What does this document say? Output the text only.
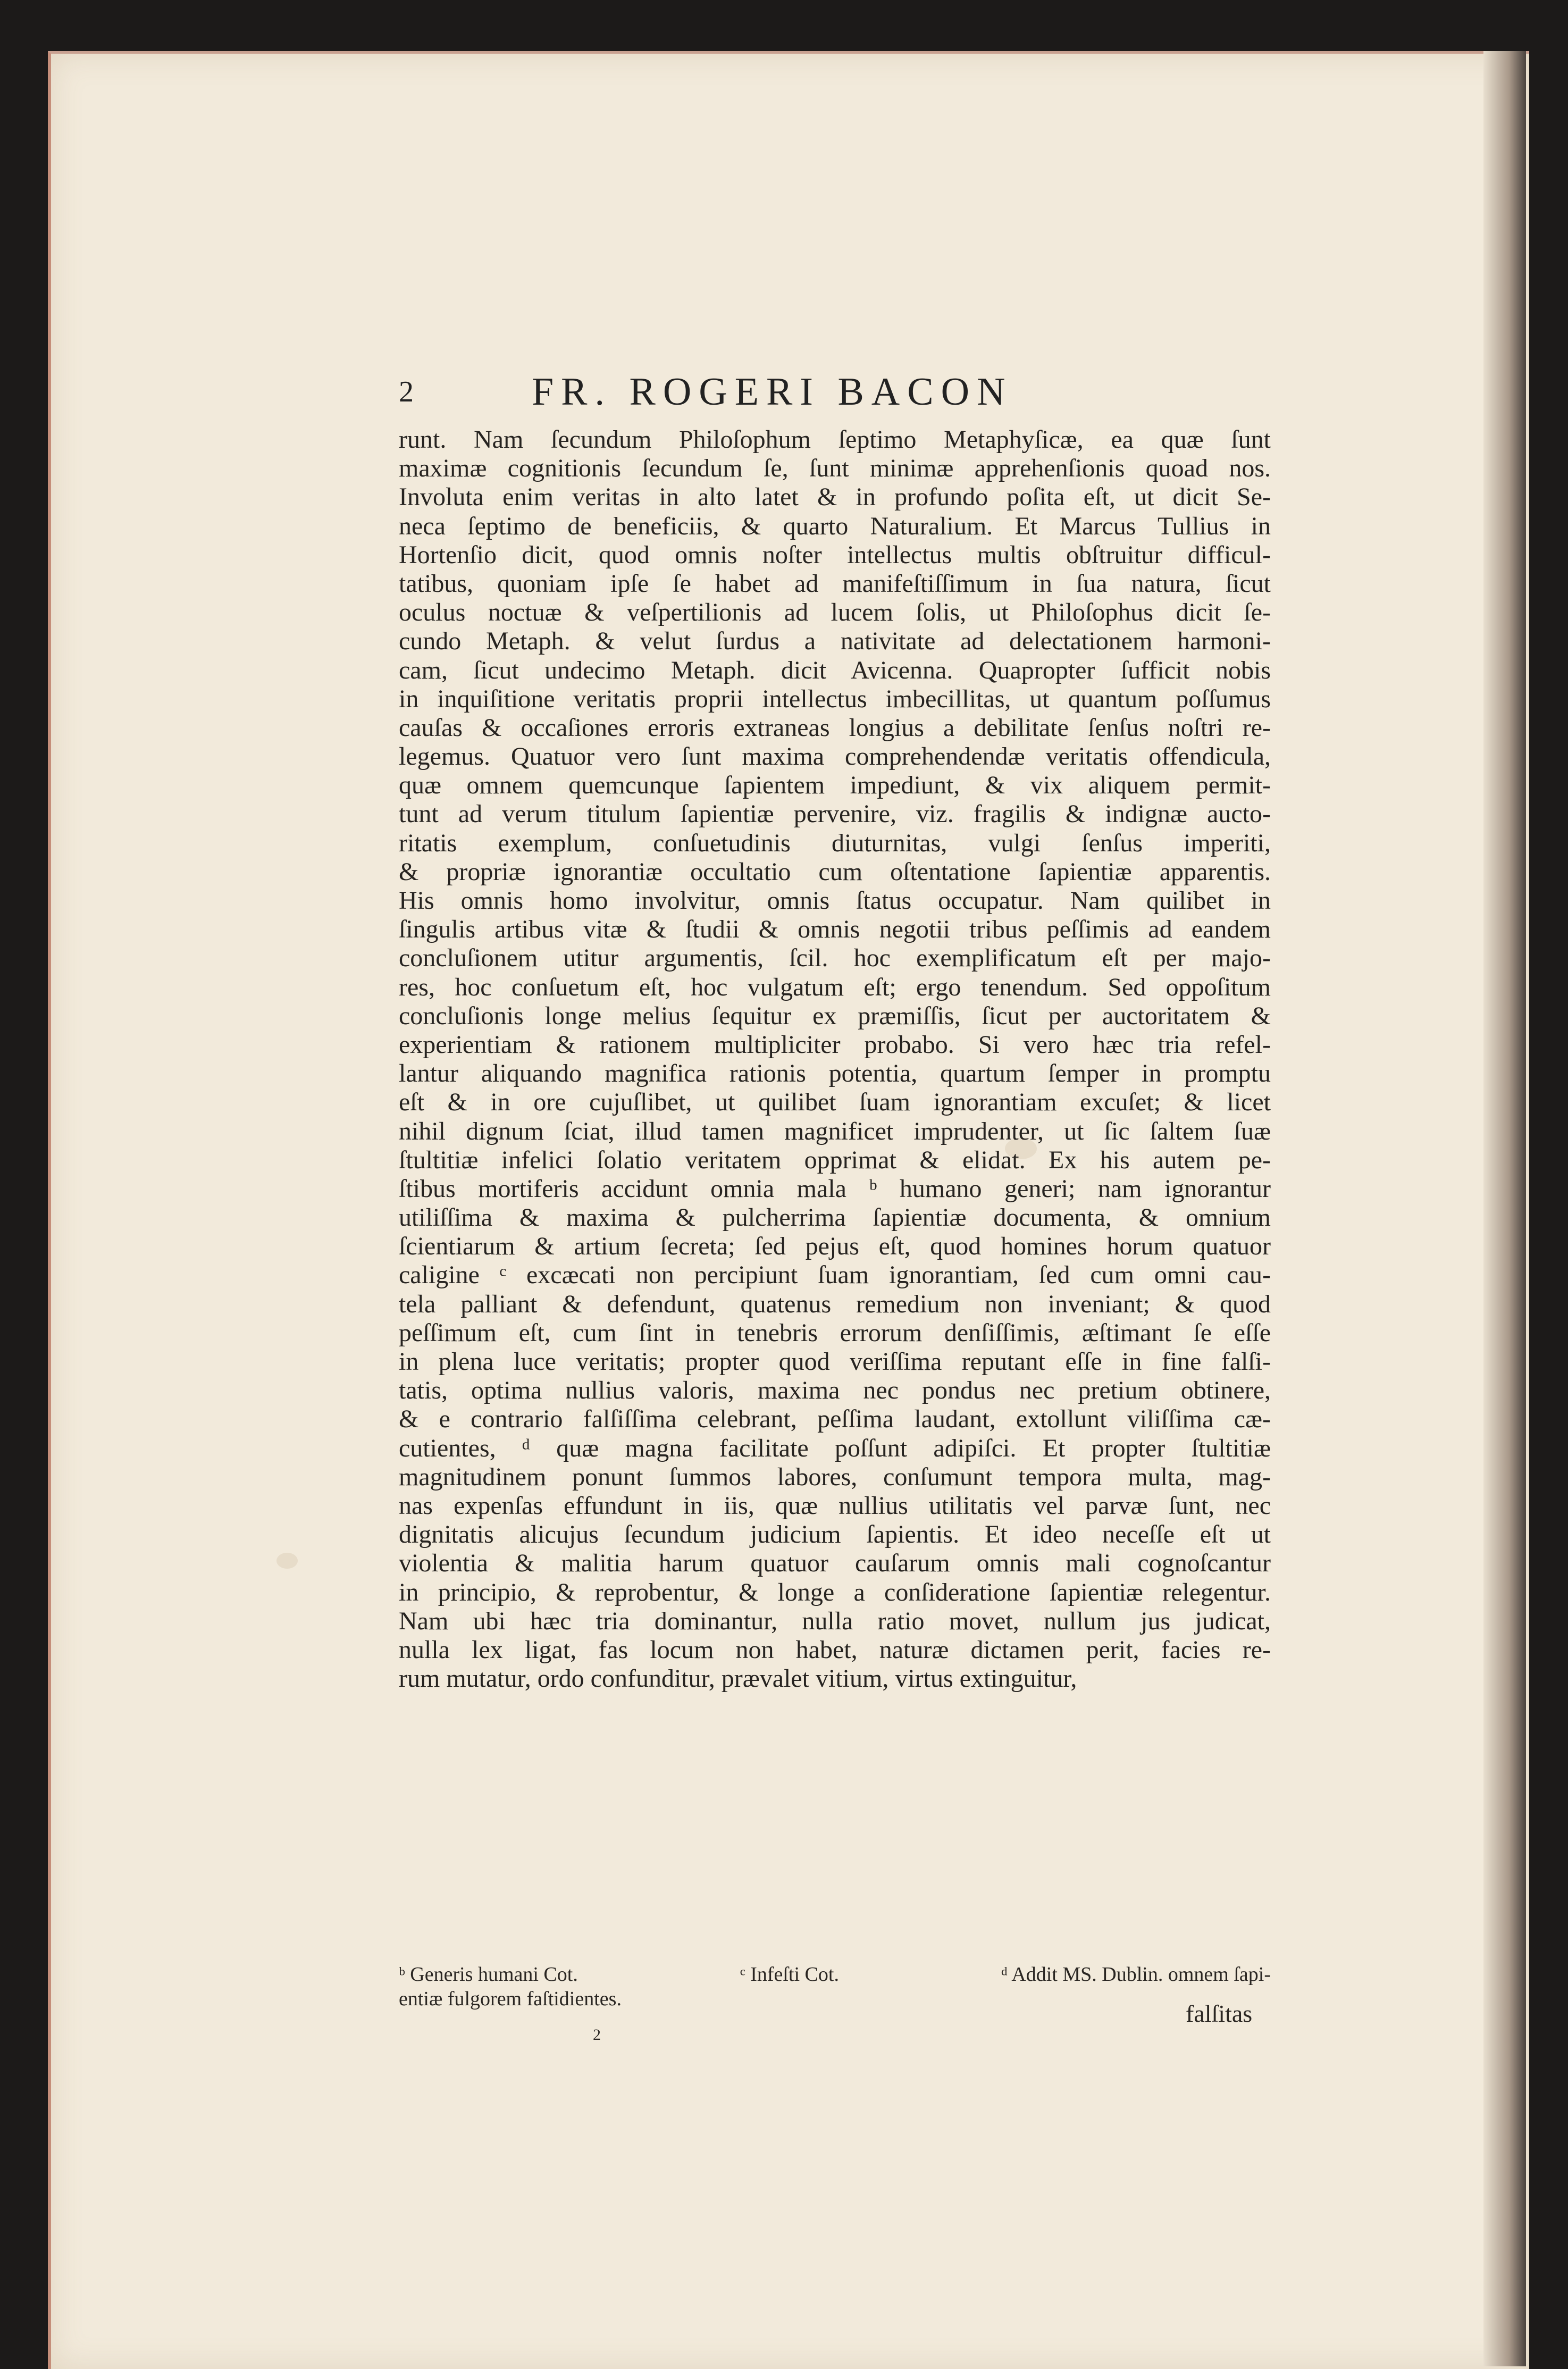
2	FR. ROGERI BACON
runt. Nam ſecundum Philoſophum ſeptimo Metaphyſicæ, ea quæ ſunt
maximæ cognitionis ſecundum ſe, ſunt minimæ apprehenſionis quoad nos.
Involuta enim veritas in alto latet & in profundo poſita eſt, ut dicit Se-
neca ſeptimo de beneficiis, & quarto Naturalium. Et Marcus Tullius in
Hortenſio dicit, quod omnis noſter intellectus multis obſtruitur difficul-
tatibus, quoniam ipſe ſe habet ad manifeſtiſſimum in ſua natura, ſicut
oculus noctuæ & veſpertilionis ad lucem ſolis, ut Philoſophus dicit ſe-
cundo Metaph. & velut ſurdus a nativitate ad delectationem harmoni-
cam, ſicut undecimo Metaph. dicit Avicenna. Quapropter ſufficit nobis
in inquiſitione veritatis proprii intellectus imbecillitas, ut quantum poſſumus
cauſas & occaſiones erroris extraneas longius a debilitate ſenſus noſtri re-
legemus. Quatuor vero ſunt maxima comprehendendæ veritatis offendicula,
quæ omnem quemcunque ſapientem impediunt, & vix aliquem permit-
tunt ad verum titulum ſapientiæ pervenire, viz. fragilis & indignæ aucto-
ritatis exemplum, conſuetudinis diuturnitas, vulgi ſenſus imperiti,
& propriæ ignorantiæ occultatio cum oſtentatione ſapientiæ apparentis.
His omnis homo involvitur, omnis ſtatus occupatur. Nam quilibet in
ſingulis artibus vitæ & ſtudii & omnis negotii tribus peſſimis ad eandem
concluſionem utitur argumentis, ſcil. hoc exemplificatum eſt per majo-
res, hoc conſuetum eſt, hoc vulgatum eſt; ergo tenendum. Sed oppoſitum
concluſionis longe melius ſequitur ex præmiſſis, ſicut per auctoritatem &
experientiam & rationem multipliciter probabo. Si vero hæc tria refel-
lantur aliquando magnifica rationis potentia, quartum ſemper in promptu
eſt & in ore cujuſlibet, ut quilibet ſuam ignorantiam excuſet; & licet
nihil dignum ſciat, illud tamen magnificet imprudenter, ut ſic ſaltem ſuæ
ſtultitiæ infelici ſolatio veritatem opprimat & elidat. Ex his autem pe-
ſtibus mortiferis accidunt omnia mala ᵇ humano generi; nam ignorantur
utiliſſima & maxima & pulcherrima ſapientiæ documenta, & omnium
ſcientiarum & artium ſecreta; ſed pejus eſt, quod homines horum quatuor
caligine ᶜ excæcati non percipiunt ſuam ignorantiam, ſed cum omni cau-
tela palliant & defendunt, quatenus remedium non inveniant; & quod
peſſimum eſt, cum ſint in tenebris errorum denſiſſimis, æſtimant ſe eſſe
in plena luce veritatis; propter quod veriſſima reputant eſſe in fine falſi-
tatis, optima nullius valoris, maxima nec pondus nec pretium obtinere,
& e contrario falſiſſima celebrant, peſſima laudant, extollunt viliſſima cæ-
cutientes, ᵈ quæ magna facilitate poſſunt adipiſci. Et propter ſtultitiæ
magnitudinem ponunt ſummos labores, conſumunt tempora multa, mag-
nas expenſas effundunt in iis, quæ nullius utilitatis vel parvæ ſunt, nec
dignitatis alicujus ſecundum judicium ſapientis. Et ideo neceſſe eſt ut
violentia & malitia harum quatuor cauſarum omnis mali cognoſcantur
in principio, & reprobentur, & longe a conſideratione ſapientiæ relegentur.
Nam ubi hæc tria dominantur, nulla ratio movet, nullum jus judicat,
nulla lex ligat, fas locum non habet, naturæ dictamen perit, facies re-
rum mutatur, ordo confunditur, prævalet vitium, virtus extinguitur,
ᵇ Generis humani Cot.	ᶜ Infeſti Cot.	ᵈ Addit MS. Dublin. omnem ſapi-
entiæ fulgorem faſtidientes.
falſitas
2
